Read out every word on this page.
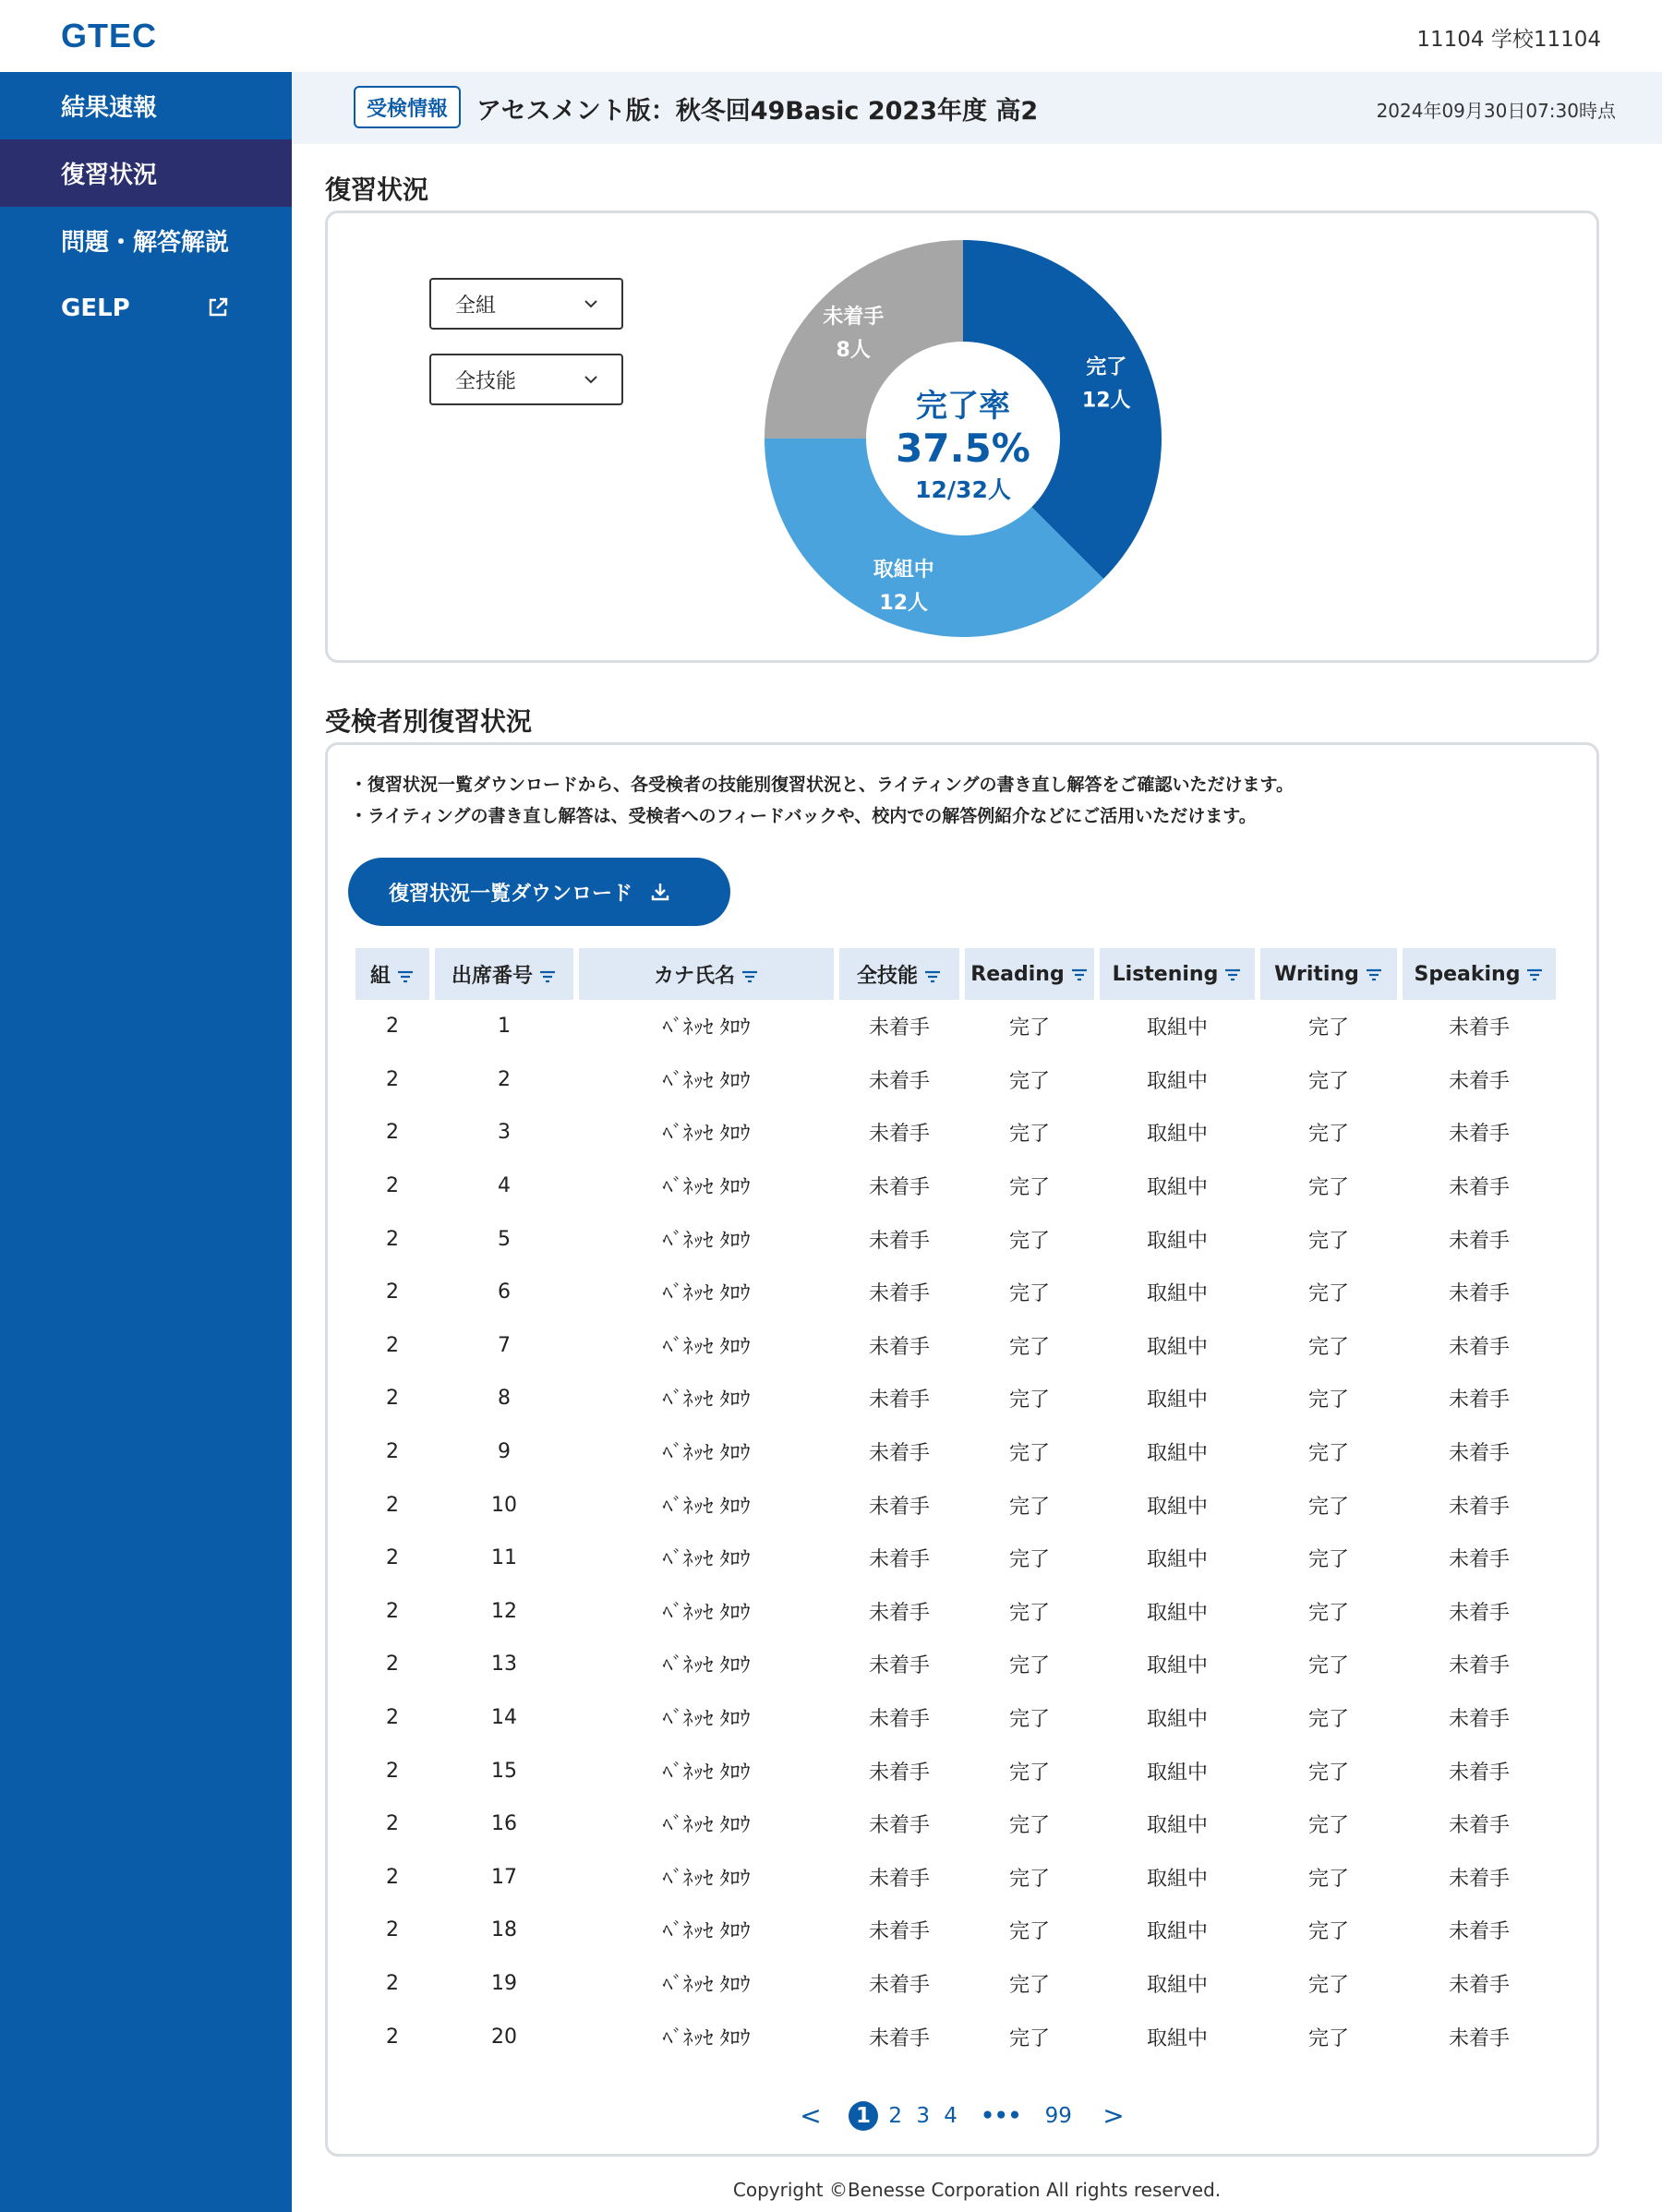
GTEC	11104 学校11104
結果速報
復習状況
問題・解答解説
GELP
受検情報	アセスメント版：秋冬回49Basic 2023年度 高2	2024年09月30日07:30時点
復習状況
全組
全技能
完了率
37.5%
12/32人
完了
12人
取組中
12人
未着手
8人
受検者別復習状況
・復習状況一覧ダウンロードから、各受検者の技能別復習状況と、ライティングの書き直し解答をご確認いただけます。
・ライティングの書き直し解答は、受検者へのフィードバックや、校内での解答例紹介などにご活用いただけます。
復習状況一覧ダウンロード
組	出席番号	カナ氏名	全技能	Reading	Listening	Writing	Speaking
2	1	ﾍﾞﾈｯｾ ﾀﾛｳ	未着手	完了	取組中	完了	未着手
2	2	ﾍﾞﾈｯｾ ﾀﾛｳ	未着手	完了	取組中	完了	未着手
2	3	ﾍﾞﾈｯｾ ﾀﾛｳ	未着手	完了	取組中	完了	未着手
2	4	ﾍﾞﾈｯｾ ﾀﾛｳ	未着手	完了	取組中	完了	未着手
2	5	ﾍﾞﾈｯｾ ﾀﾛｳ	未着手	完了	取組中	完了	未着手
2	6	ﾍﾞﾈｯｾ ﾀﾛｳ	未着手	完了	取組中	完了	未着手
2	7	ﾍﾞﾈｯｾ ﾀﾛｳ	未着手	完了	取組中	完了	未着手
2	8	ﾍﾞﾈｯｾ ﾀﾛｳ	未着手	完了	取組中	完了	未着手
2	9	ﾍﾞﾈｯｾ ﾀﾛｳ	未着手	完了	取組中	完了	未着手
2	10	ﾍﾞﾈｯｾ ﾀﾛｳ	未着手	完了	取組中	完了	未着手
2	11	ﾍﾞﾈｯｾ ﾀﾛｳ	未着手	完了	取組中	完了	未着手
2	12	ﾍﾞﾈｯｾ ﾀﾛｳ	未着手	完了	取組中	完了	未着手
2	13	ﾍﾞﾈｯｾ ﾀﾛｳ	未着手	完了	取組中	完了	未着手
2	14	ﾍﾞﾈｯｾ ﾀﾛｳ	未着手	完了	取組中	完了	未着手
2	15	ﾍﾞﾈｯｾ ﾀﾛｳ	未着手	完了	取組中	完了	未着手
2	16	ﾍﾞﾈｯｾ ﾀﾛｳ	未着手	完了	取組中	完了	未着手
2	17	ﾍﾞﾈｯｾ ﾀﾛｳ	未着手	完了	取組中	完了	未着手
2	18	ﾍﾞﾈｯｾ ﾀﾛｳ	未着手	完了	取組中	完了	未着手
2	19	ﾍﾞﾈｯｾ ﾀﾛｳ	未着手	完了	取組中	完了	未着手
2	20	ﾍﾞﾈｯｾ ﾀﾛｳ	未着手	完了	取組中	完了	未着手
< 1 2 3 4 ••• 99 >
Copyright ©Benesse Corporation All rights reserved.
